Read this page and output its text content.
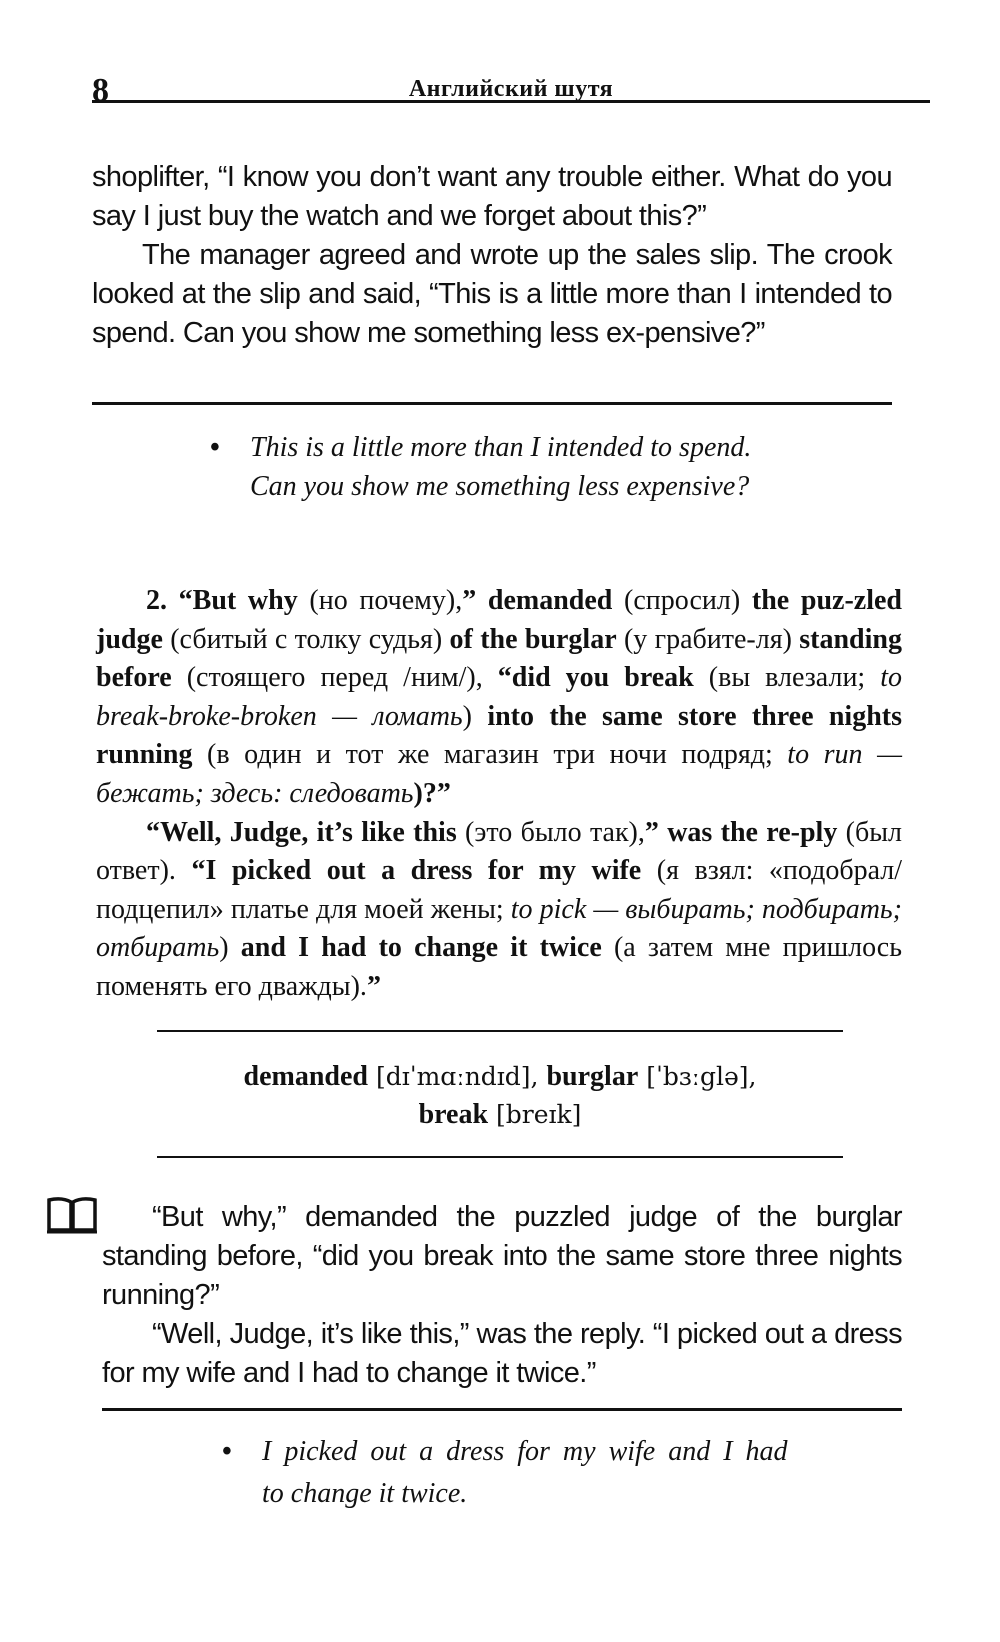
8	Английский шутя

shoplifter, “I know you don’t want any trouble either. What do you say I just buy the watch and we forget about this?”

The manager agreed and wrote up the sales slip. The crook looked at the slip and said, “This is a little more than I intended to spend. Can you show me something less ex-pensive?”

• This is a little more than I intended to spend.
Can you show me something less expensive?

2. “But why (но почему),” demanded (спросил) the puz-zled judge (сбитый с толку судья) of the burglar (у грабите-ля) standing before (стоящего перед /ним/), “did you break (вы влезали; to break-broke-broken — ломать) into the same store three nights running (в один и тот же магазин три ночи подряд; to run — бежать; здесь: следовать)?”

“Well, Judge, it’s like this (это было так),” was the re-ply (был ответ). “I picked out a dress for my wife (я взял: «подобрал/подцепил» платье для моей жены; to pick — выбирать; подбирать; отбирать) and I had to change it twice (а затем мне пришлось поменять его дважды).”

demanded [dɪˈmɑːndɪd], burglar [ˈbɜːglə],
break [breɪk]

“But why,” demanded the puzzled judge of the burglar standing before, “did you break into the same store three nights running?”

“Well, Judge, it’s like this,” was the reply. “I picked out a dress for my wife and I had to change it twice.”

• I picked out a dress for my wife and I had
to change it twice.
